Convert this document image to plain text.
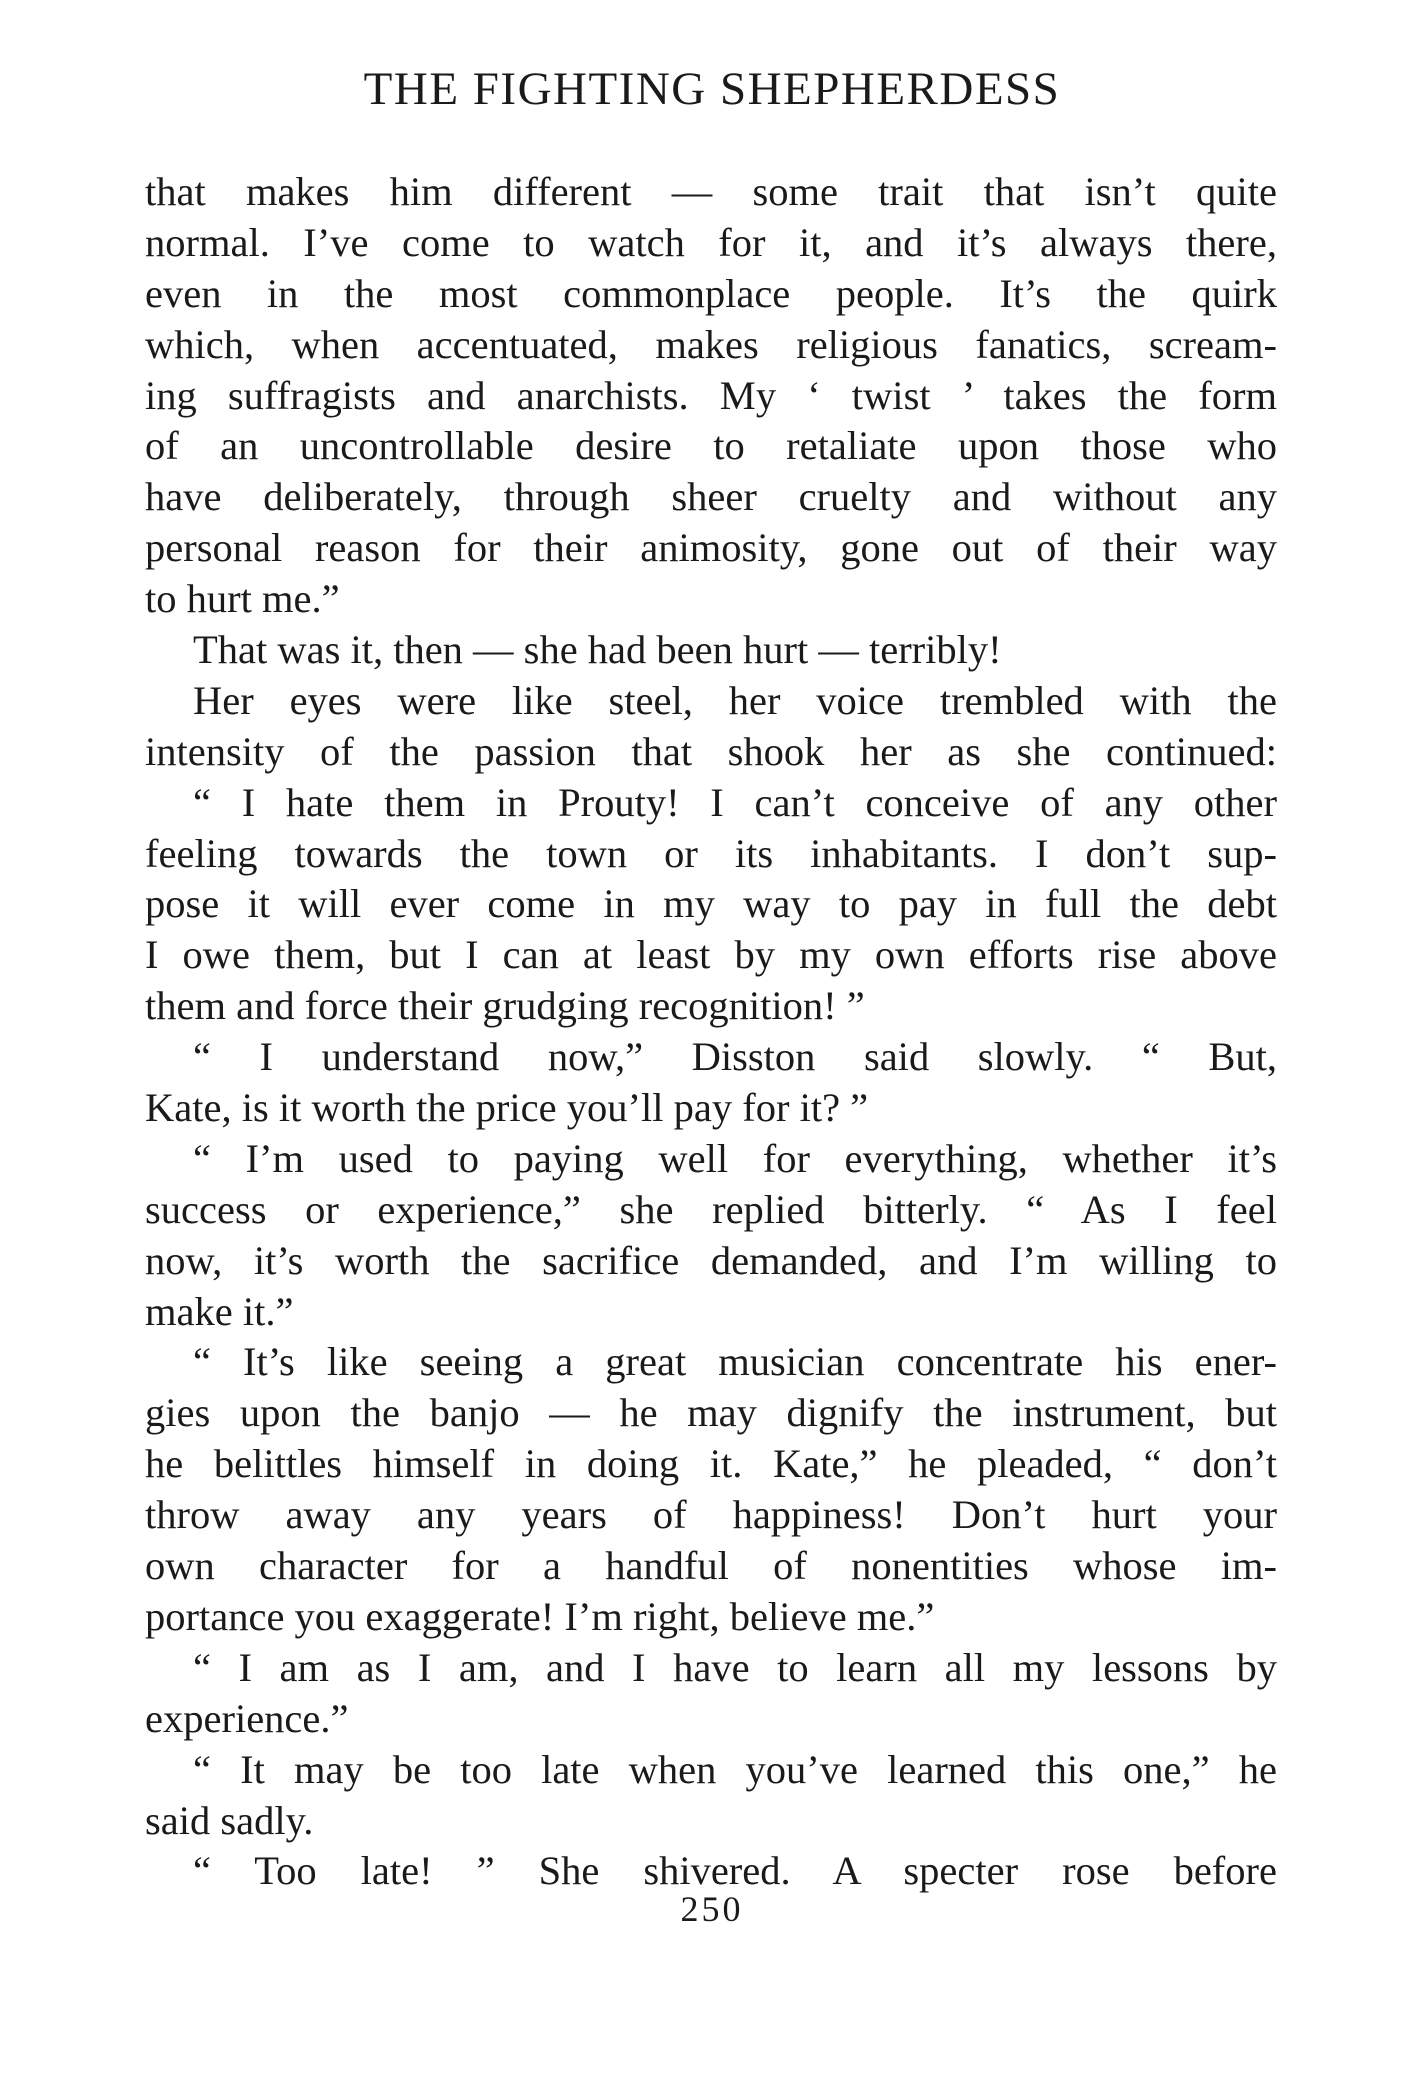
THE FIGHTING SHEPHERDESS
that makes him different — some trait that isn’t quite
normal. I’ve come to watch for it, and it’s always there,
even in the most commonplace people. It’s the quirk
which, when accentuated, makes religious fanatics, scream-
ing suffragists and anarchists. My ‘ twist ’ takes the form
of an uncontrollable desire to retaliate upon those who
have deliberately, through sheer cruelty and without any
personal reason for their animosity, gone out of their way
to hurt me.”
That was it, then — she had been hurt — terribly!
Her eyes were like steel, her voice trembled with the
intensity of the passion that shook her as she continued:
“ I hate them in Prouty! I can’t conceive of any other
feeling towards the town or its inhabitants. I don’t sup-
pose it will ever come in my way to pay in full the debt
I owe them, but I can at least by my own efforts rise above
them and force their grudging recognition! ”
“ I understand now,” Disston said slowly. “ But,
Kate, is it worth the price you’ll pay for it? ”
“ I’m used to paying well for everything, whether it’s
success or experience,” she replied bitterly. “ As I feel
now, it’s worth the sacrifice demanded, and I’m willing to
make it.”
“ It’s like seeing a great musician concentrate his ener-
gies upon the banjo — he may dignify the instrument, but
he belittles himself in doing it. Kate,” he pleaded, “ don’t
throw away any years of happiness! Don’t hurt your
own character for a handful of nonentities whose im-
portance you exaggerate! I’m right, believe me.”
“ I am as I am, and I have to learn all my lessons by
experience.”
“ It may be too late when you’ve learned this one,” he
said sadly.
“ Too late! ” She shivered. A specter rose before
250
